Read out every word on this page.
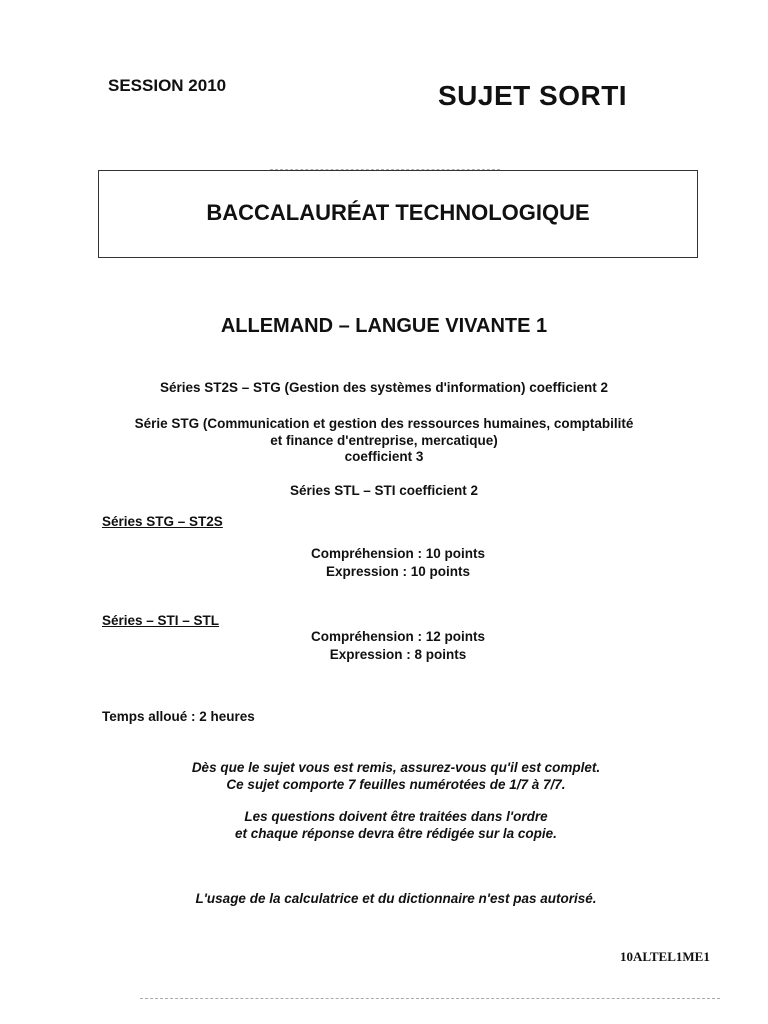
SESSION 2010	SUJET SORTI
BACCALAURÉAT TECHNOLOGIQUE
ALLEMAND – LANGUE VIVANTE 1
Séries ST2S – STG (Gestion des systèmes d'information) coefficient 2
Série STG (Communication et gestion des ressources humaines, comptabilité
et finance d'entreprise, mercatique)
coefficient 3
Séries STL – STI coefficient 2
Séries STG – ST2S
Compréhension : 10 points
Expression : 10 points
Séries – STI – STL
Compréhension : 12 points
Expression : 8 points
Temps alloué : 2 heures
Dès que le sujet vous est remis, assurez-vous qu'il est complet.
Ce sujet comporte 7 feuilles numérotées de 1/7 à 7/7.
Les questions doivent être traitées dans l'ordre
et chaque réponse devra être rédigée sur la copie.
L'usage de la calculatrice et du dictionnaire n'est pas autorisé.
10ALTEL1ME1
